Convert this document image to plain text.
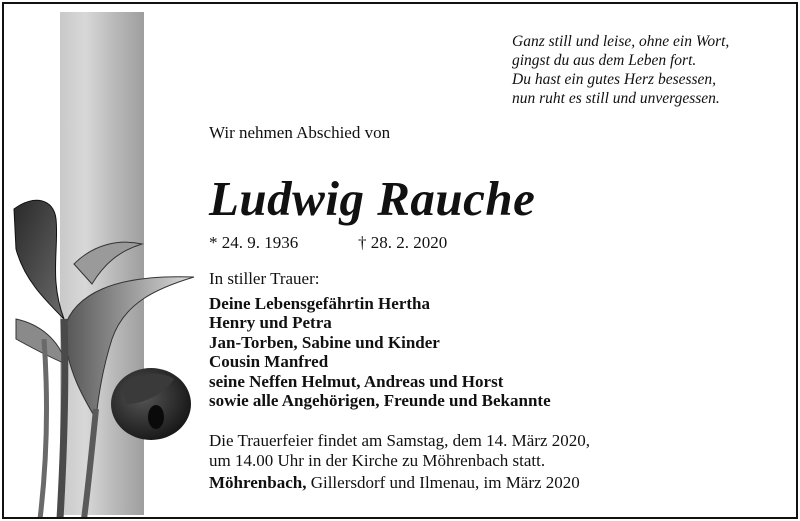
Ganz still und leise, ohne ein Wort,
gingst du aus dem Leben fort.
Du hast ein gutes Herz besessen,
nun ruht es still und unvergessen.
Wir nehmen Abschied von
Ludwig Rauche
* 24. 9. 1936	† 28. 2. 2020
In stiller Trauer:
Deine Lebensgefährtin Hertha
Henry und Petra
Jan-Torben, Sabine und Kinder
Cousin Manfred
seine Neffen Helmut, Andreas und Horst
sowie alle Angehörigen, Freunde und Bekannte
Die Trauerfeier findet am Samstag, dem 14. März 2020,
um 14.00 Uhr in der Kirche zu Möhrenbach statt.
Möhrenbach, Gillersdorf und Ilmenau, im März 2020
